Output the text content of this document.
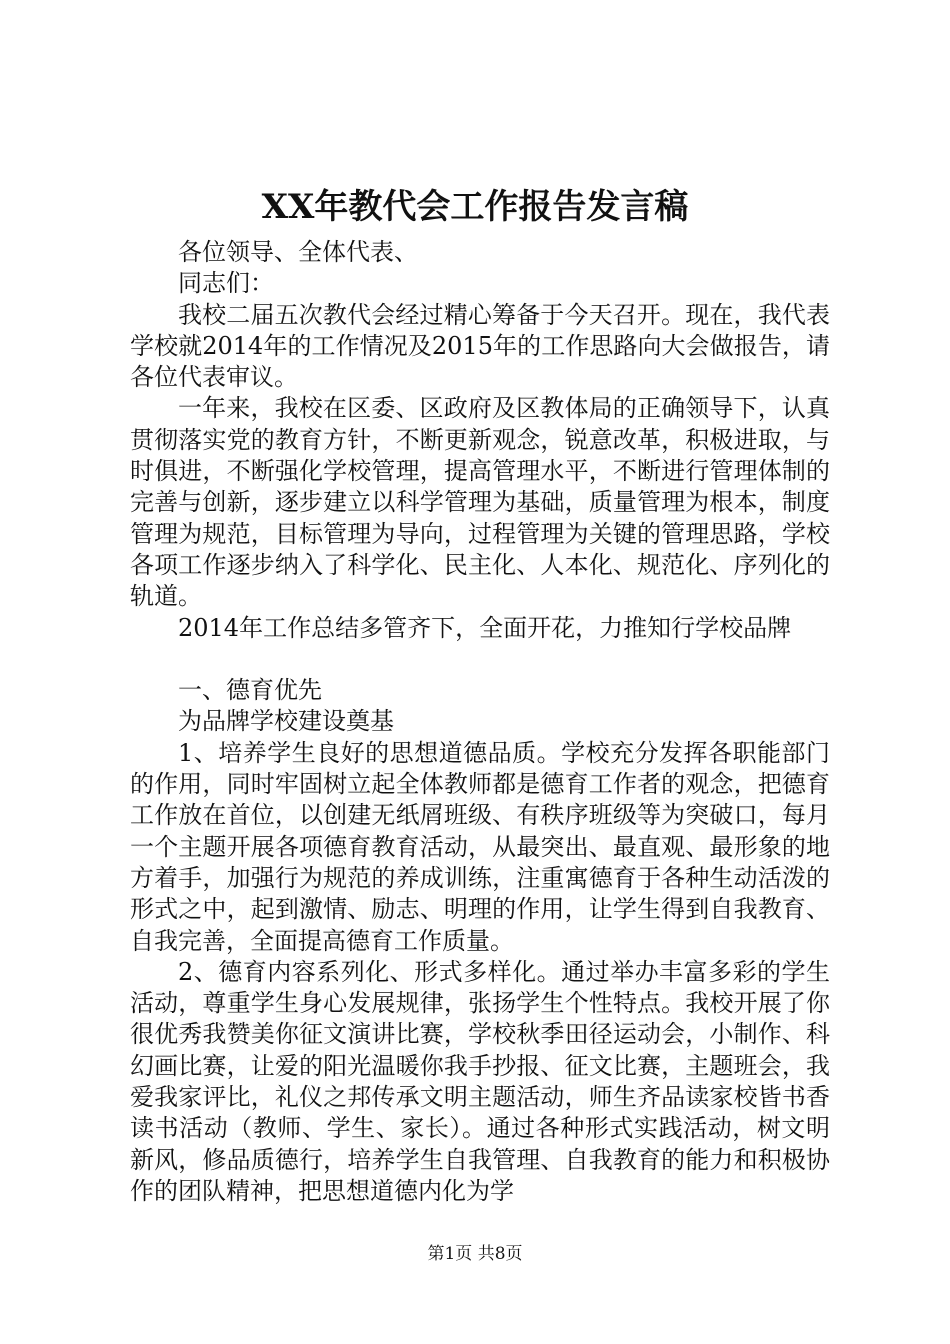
XX年教代会工作报告发言稿

各位领导、全体代表、

同志们：

我校二届五次教代会经过精心筹备于今天召开。现在，我代表学校就2014年的工作情况及2015年的工作思路向大会做报告，请各位代表审议。

一年来，我校在区委、区政府及区教体局的正确领导下，认真贯彻落实党的教育方针，不断更新观念，锐意改革，积极进取，与时俱进，不断强化学校管理，提高管理水平，不断进行管理体制的完善与创新，逐步建立以科学管理为基础，质量管理为根本，制度管理为规范，目标管理为导向，过程管理为关键的管理思路，学校各项工作逐步纳入了科学化、民主化、人本化、规范化、序列化的轨道。

2014年工作总结多管齐下，全面开花，力推知行学校品牌

一、德育优先

为品牌学校建设奠基

1、培养学生良好的思想道德品质。学校充分发挥各职能部门的作用，同时牢固树立起全体教师都是德育工作者的观念，把德育工作放在首位，以创建无纸屑班级、有秩序班级等为突破口，每月一个主题开展各项德育教育活动，从最突出、最直观、最形象的地方着手，加强行为规范的养成训练，注重寓德育于各种生动活泼的形式之中，起到激情、励志、明理的作用，让学生得到自我教育、自我完善，全面提高德育工作质量。

2、德育内容系列化、形式多样化。通过举办丰富多彩的学生活动，尊重学生身心发展规律，张扬学生个性特点。我校开展了你很优秀我赞美你征文演讲比赛，学校秋季田径运动会，小制作、科幻画比赛，让爱的阳光温暖你我手抄报、征文比赛，主题班会，我爱我家评比，礼仪之邦传承文明主题活动，师生齐品读家校皆书香读书活动（教师、学生、家长）。通过各种形式实践活动，树文明新风，修品质德行，培养学生自我管理、自我教育的能力和积极协作的团队精神，把思想道德内化为学

第1页 共8页
